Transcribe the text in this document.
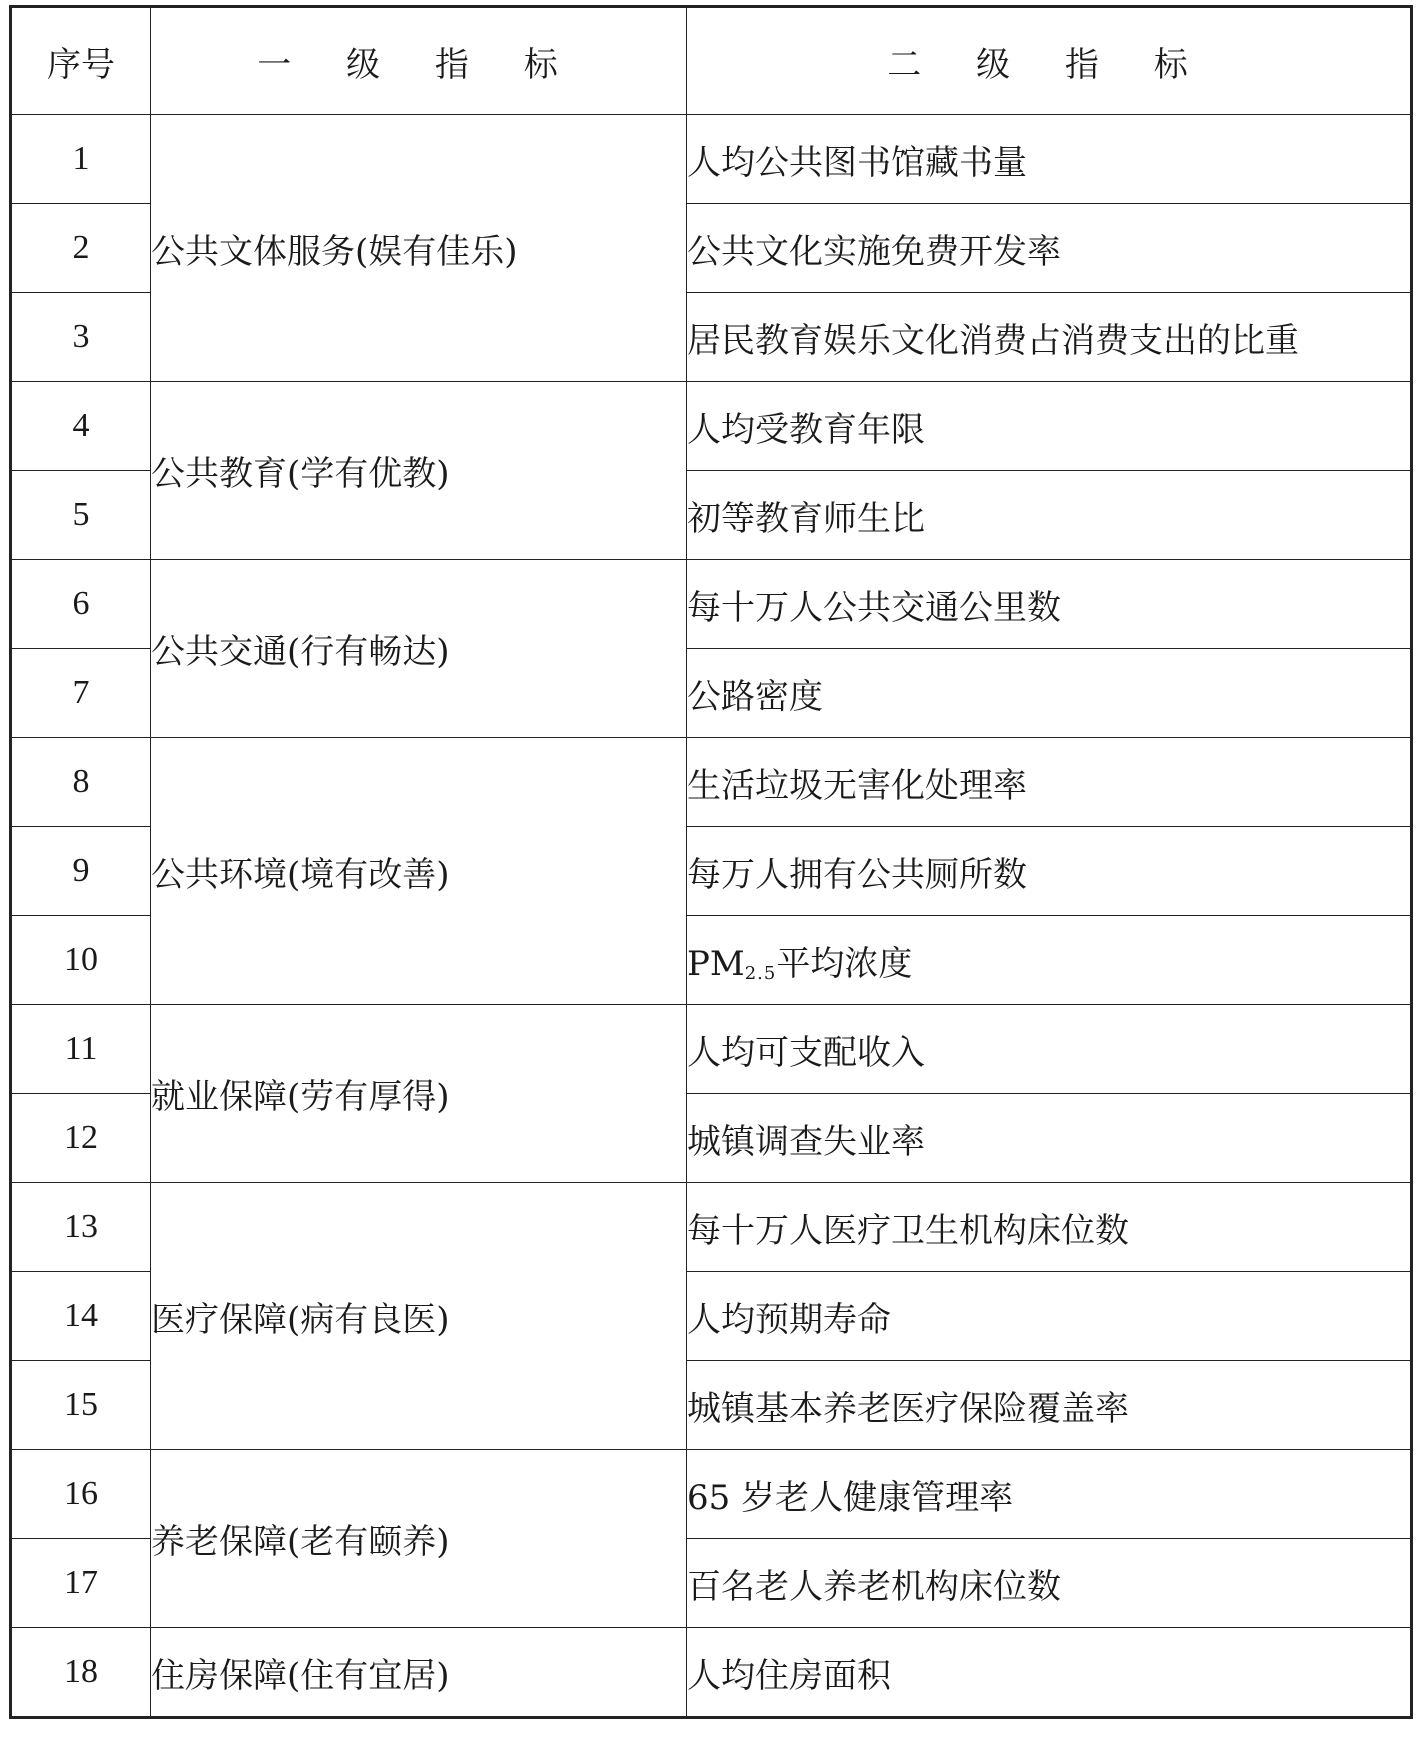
序号	一 级 指 标	二 级 指 标
1	公共文体服务(娱有佳乐)	人均公共图书馆藏书量
2		公共文化实施免费开发率
3		居民教育娱乐文化消费占消费支出的比重
4	公共教育(学有优教)	人均受教育年限
5		初等教育师生比
6	公共交通(行有畅达)	每十万人公共交通公里数
7		公路密度
8	公共环境(境有改善)	生活垃圾无害化处理率
9		每万人拥有公共厕所数
10		$PM_{2.5}$平均浓度
11	就业保障(劳有厚得)	人均可支配收入
12		城镇调查失业率
13	医疗保障(病有良医)	每十万人医疗卫生机构床位数
14		人均预期寿命
15		城镇基本养老医疗保险覆盖率
16	养老保障(老有颐养)	65 岁老人健康管理率
17		百名老人养老机构床位数
18	住房保障(住有宜居)	人均住房面积
